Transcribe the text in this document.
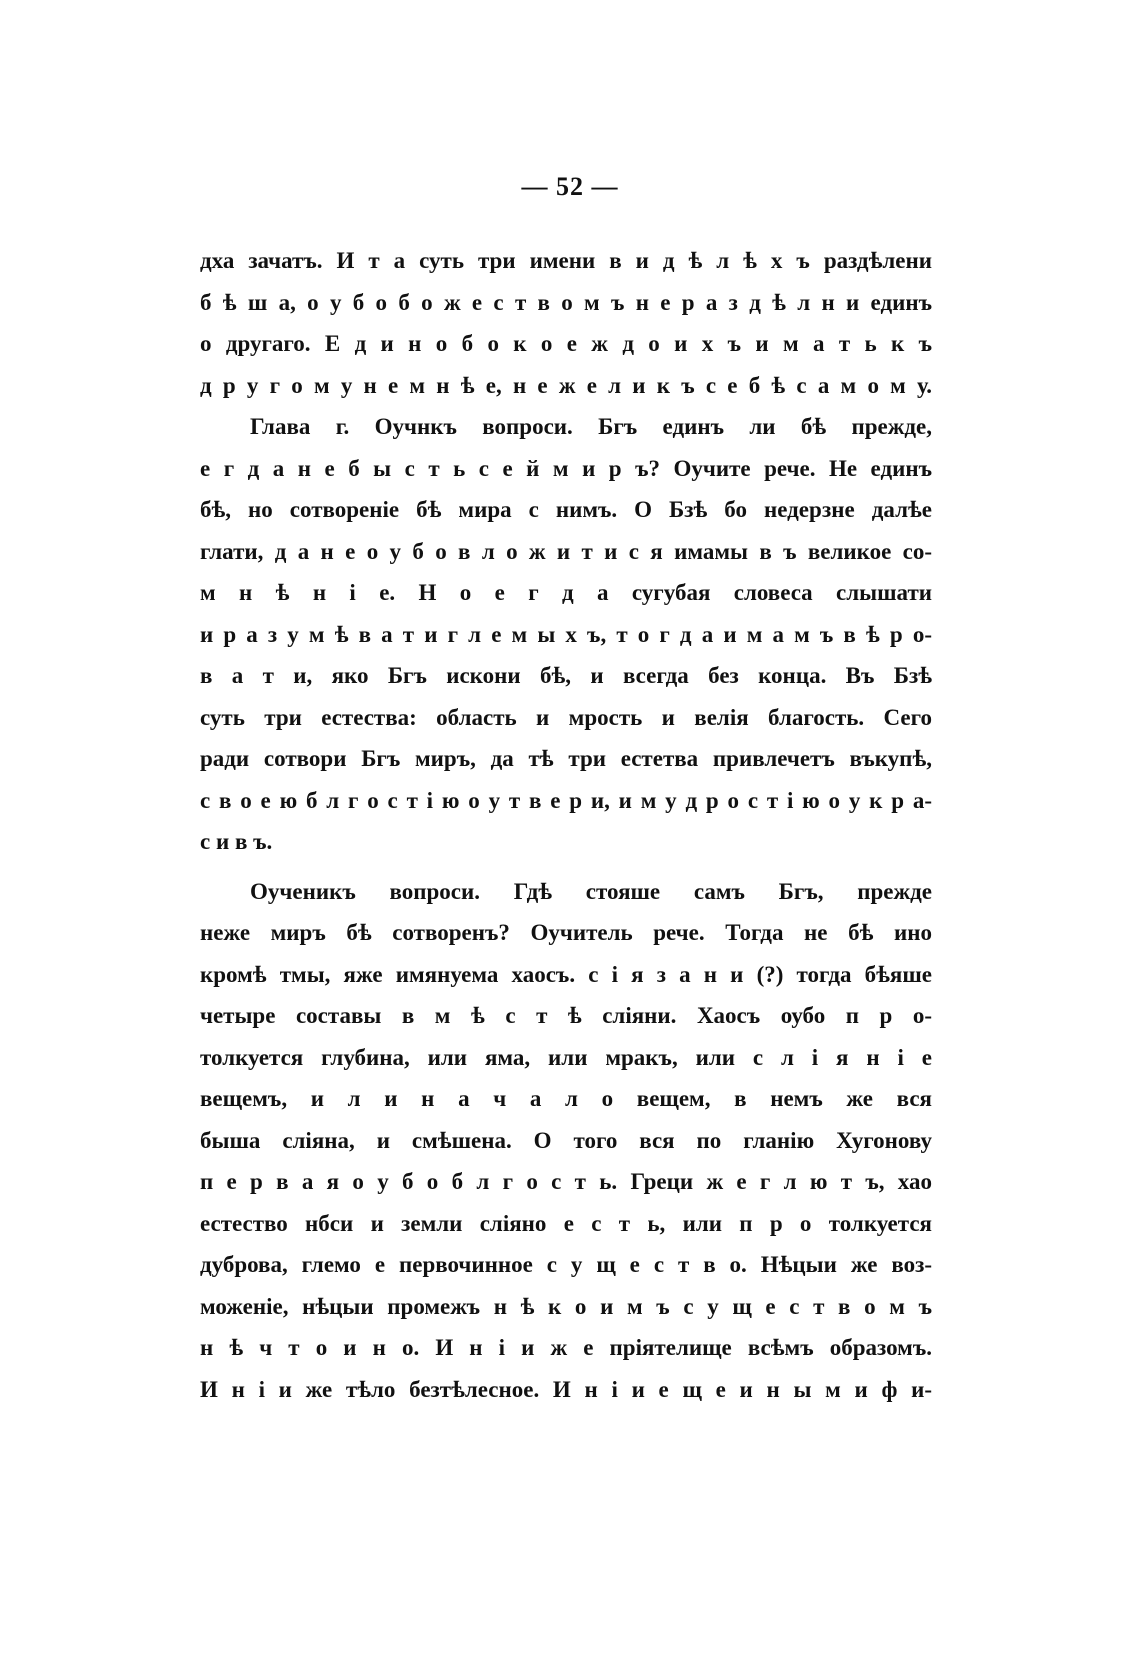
— 52 —
дха зачатъ. И т а суть три имени в и д ѣ л ѣ х ъ раздѣлени
б ѣ ш а, о у б о б о ж е с т в о м ъ н е р а з д ѣ л н и единъ
о другаго. Е д и н о б о к о е ж д о и х ъ и м а т ь к ъ
д р у г о м у н е м н ѣ е, н е ж е л и к ъ с е б ѣ с а м о м у.
Глава г. Оучнкъ вопроси. Бгъ единъ ли бѣ прежде,
е г д а н е б ы с т ь с е й м и р ъ? Оучите рече. Не единъ
бѣ, но сотвореніе бѣ мира с нимъ. О Бзѣ бо недерзне далѣе
глати, д а н е о у б о в л о ж и т и с я имамы в ъ великое со-
м н ѣ н і е. Н о е г д а сугубая словеса слышати
и р а з у м ѣ в а т и г л е м ы х ъ, т о г д а и м а м ъ в ѣ р о-
в а т и, яко Бгъ искони бѣ, и всегда без конца. Въ Бзѣ
суть три естества: область и мрость и велія благость. Сего
ради сотвори Бгъ миръ, да тѣ три естетва привлечетъ въкупѣ,
с в о е ю б л г о с т і ю о у т в е р и, и м у д р о с т і ю о у к р а-
с и в ъ.
Оученикъ вопроси. Гдѣ стояше самъ Бгъ, прежде
неже миръ бѣ сотворенъ? Оучитель рече. Тогда не бѣ ино
кромѣ тмы, яже имянуема хаосъ. с і я з а н и (?) тогда бѣяше
четыре составы в м ѣ с т ѣ сліяни. Хаосъ оубо п р о-
толкуется глубина, или яма, или мракъ, или с л і я н і е
вещемъ, и л и н а ч а л о вещем, в немъ же вся
быша сліяна, и смѣшена. О того вся по гланію Хугонову
п е р в а я о у б о б л г о с т ь. Греци ж е г л ю т ъ, хао
естество нбси и земли сліяно е с т ь, или п р о толкуется
дуброва, глемо е первочинное с у щ е с т в о. Нѣцыи же воз-
моженіе, нѣцыи промежъ н ѣ к о и м ъ с у щ е с т в о м ъ
н ѣ ч т о и н о. И н і и ж е пріятелище всѣмъ образомъ.
И н і и же тѣло безтѣлесное. И н і и е щ е и н ы м и ф и-
